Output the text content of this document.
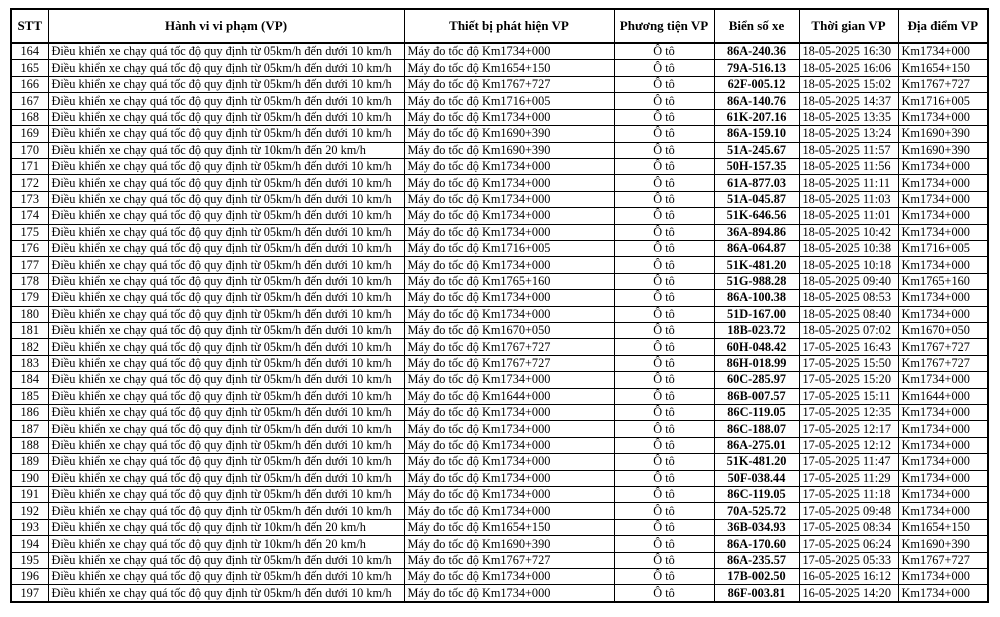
STT	Hành vi vi phạm (VP)	Thiết bị phát hiện VP	Phương tiện VP	Biển số xe	Thời gian VP	Địa điểm VP
164	Điều khiển xe chạy quá tốc độ quy định từ 05km/h đến dưới 10 km/h	Máy đo tốc độ Km1734+000	Ô tô	86A-240.36	18-05-2025 16:30	Km1734+000
165	Điều khiển xe chạy quá tốc độ quy định từ 05km/h đến dưới 10 km/h	Máy đo tốc độ Km1654+150	Ô tô	79A-516.13	18-05-2025 16:06	Km1654+150
166	Điều khiển xe chạy quá tốc độ quy định từ 05km/h đến dưới 10 km/h	Máy đo tốc độ Km1767+727	Ô tô	62F-005.12	18-05-2025 15:02	Km1767+727
167	Điều khiển xe chạy quá tốc độ quy định từ 05km/h đến dưới 10 km/h	Máy đo tốc độ Km1716+005	Ô tô	86A-140.76	18-05-2025 14:37	Km1716+005
168	Điều khiển xe chạy quá tốc độ quy định từ 05km/h đến dưới 10 km/h	Máy đo tốc độ Km1734+000	Ô tô	61K-207.16	18-05-2025 13:35	Km1734+000
169	Điều khiển xe chạy quá tốc độ quy định từ 05km/h đến dưới 10 km/h	Máy đo tốc độ Km1690+390	Ô tô	86A-159.10	18-05-2025 13:24	Km1690+390
170	Điều khiển xe chạy quá tốc độ quy định từ 10km/h đến 20 km/h	Máy đo tốc độ Km1690+390	Ô tô	51A-245.67	18-05-2025 11:57	Km1690+390
171	Điều khiển xe chạy quá tốc độ quy định từ 05km/h đến dưới 10 km/h	Máy đo tốc độ Km1734+000	Ô tô	50H-157.35	18-05-2025 11:56	Km1734+000
172	Điều khiển xe chạy quá tốc độ quy định từ 05km/h đến dưới 10 km/h	Máy đo tốc độ Km1734+000	Ô tô	61A-877.03	18-05-2025 11:11	Km1734+000
173	Điều khiển xe chạy quá tốc độ quy định từ 05km/h đến dưới 10 km/h	Máy đo tốc độ Km1734+000	Ô tô	51A-045.87	18-05-2025 11:03	Km1734+000
174	Điều khiển xe chạy quá tốc độ quy định từ 05km/h đến dưới 10 km/h	Máy đo tốc độ Km1734+000	Ô tô	51K-646.56	18-05-2025 11:01	Km1734+000
175	Điều khiển xe chạy quá tốc độ quy định từ 05km/h đến dưới 10 km/h	Máy đo tốc độ Km1734+000	Ô tô	36A-894.86	18-05-2025 10:42	Km1734+000
176	Điều khiển xe chạy quá tốc độ quy định từ 05km/h đến dưới 10 km/h	Máy đo tốc độ Km1716+005	Ô tô	86A-064.87	18-05-2025 10:38	Km1716+005
177	Điều khiển xe chạy quá tốc độ quy định từ 05km/h đến dưới 10 km/h	Máy đo tốc độ Km1734+000	Ô tô	51K-481.20	18-05-2025 10:18	Km1734+000
178	Điều khiển xe chạy quá tốc độ quy định từ 05km/h đến dưới 10 km/h	Máy đo tốc độ Km1765+160	Ô tô	51G-988.28	18-05-2025 09:40	Km1765+160
179	Điều khiển xe chạy quá tốc độ quy định từ 05km/h đến dưới 10 km/h	Máy đo tốc độ Km1734+000	Ô tô	86A-100.38	18-05-2025 08:53	Km1734+000
180	Điều khiển xe chạy quá tốc độ quy định từ 05km/h đến dưới 10 km/h	Máy đo tốc độ Km1734+000	Ô tô	51D-167.00	18-05-2025 08:40	Km1734+000
181	Điều khiển xe chạy quá tốc độ quy định từ 05km/h đến dưới 10 km/h	Máy đo tốc độ Km1670+050	Ô tô	18B-023.72	18-05-2025 07:02	Km1670+050
182	Điều khiển xe chạy quá tốc độ quy định từ 05km/h đến dưới 10 km/h	Máy đo tốc độ Km1767+727	Ô tô	60H-048.42	17-05-2025 16:43	Km1767+727
183	Điều khiển xe chạy quá tốc độ quy định từ 05km/h đến dưới 10 km/h	Máy đo tốc độ Km1767+727	Ô tô	86H-018.99	17-05-2025 15:50	Km1767+727
184	Điều khiển xe chạy quá tốc độ quy định từ 05km/h đến dưới 10 km/h	Máy đo tốc độ Km1734+000	Ô tô	60C-285.97	17-05-2025 15:20	Km1734+000
185	Điều khiển xe chạy quá tốc độ quy định từ 05km/h đến dưới 10 km/h	Máy đo tốc độ Km1644+000	Ô tô	86B-007.57	17-05-2025 15:11	Km1644+000
186	Điều khiển xe chạy quá tốc độ quy định từ 05km/h đến dưới 10 km/h	Máy đo tốc độ Km1734+000	Ô tô	86C-119.05	17-05-2025 12:35	Km1734+000
187	Điều khiển xe chạy quá tốc độ quy định từ 05km/h đến dưới 10 km/h	Máy đo tốc độ Km1734+000	Ô tô	86C-188.07	17-05-2025 12:17	Km1734+000
188	Điều khiển xe chạy quá tốc độ quy định từ 05km/h đến dưới 10 km/h	Máy đo tốc độ Km1734+000	Ô tô	86A-275.01	17-05-2025 12:12	Km1734+000
189	Điều khiển xe chạy quá tốc độ quy định từ 05km/h đến dưới 10 km/h	Máy đo tốc độ Km1734+000	Ô tô	51K-481.20	17-05-2025 11:47	Km1734+000
190	Điều khiển xe chạy quá tốc độ quy định từ 05km/h đến dưới 10 km/h	Máy đo tốc độ Km1734+000	Ô tô	50F-038.44	17-05-2025 11:29	Km1734+000
191	Điều khiển xe chạy quá tốc độ quy định từ 05km/h đến dưới 10 km/h	Máy đo tốc độ Km1734+000	Ô tô	86C-119.05	17-05-2025 11:18	Km1734+000
192	Điều khiển xe chạy quá tốc độ quy định từ 05km/h đến dưới 10 km/h	Máy đo tốc độ Km1734+000	Ô tô	70A-525.72	17-05-2025 09:48	Km1734+000
193	Điều khiển xe chạy quá tốc độ quy định từ 10km/h đến 20 km/h	Máy đo tốc độ Km1654+150	Ô tô	36B-034.93	17-05-2025 08:34	Km1654+150
194	Điều khiển xe chạy quá tốc độ quy định từ 10km/h đến 20 km/h	Máy đo tốc độ Km1690+390	Ô tô	86A-170.60	17-05-2025 06:24	Km1690+390
195	Điều khiển xe chạy quá tốc độ quy định từ 05km/h đến dưới 10 km/h	Máy đo tốc độ Km1767+727	Ô tô	86A-235.57	17-05-2025 05:33	Km1767+727
196	Điều khiển xe chạy quá tốc độ quy định từ 05km/h đến dưới 10 km/h	Máy đo tốc độ Km1734+000	Ô tô	17B-002.50	16-05-2025 16:12	Km1734+000
197	Điều khiển xe chạy quá tốc độ quy định từ 05km/h đến dưới 10 km/h	Máy đo tốc độ Km1734+000	Ô tô	86F-003.81	16-05-2025 14:20	Km1734+000
